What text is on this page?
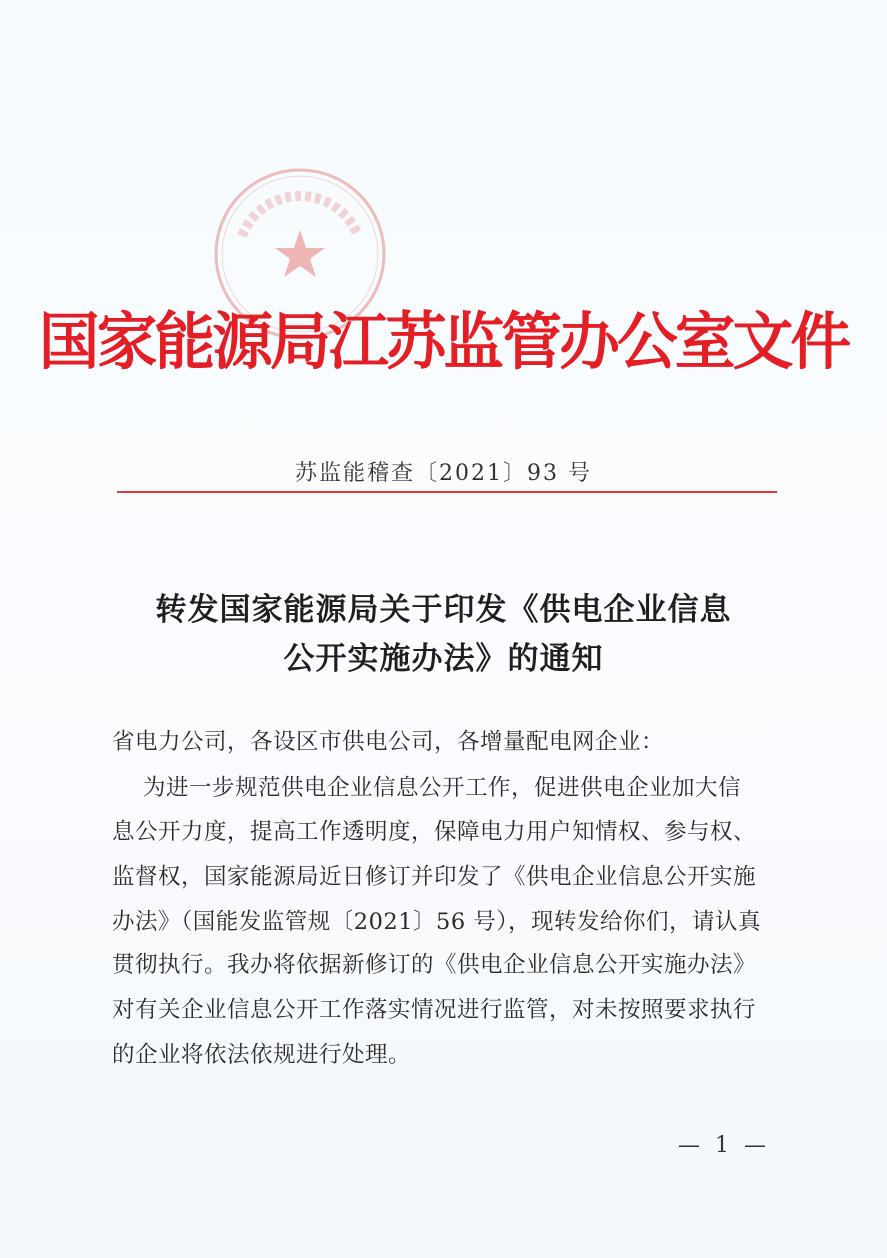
国家能源局江苏监管办公室文件
苏监能稽查〔2021〕93 号
转发国家能源局关于印发《供电企业信息
公开实施办法》的通知
省电力公司，各设区市供电公司，各增量配电网企业：
为进一步规范供电企业信息公开工作，促进供电企业加大信
息公开力度，提高工作透明度，保障电力用户知情权、参与权、
监督权，国家能源局近日修订并印发了《供电企业信息公开实施
办法》（国能发监管规〔2021〕56 号），现转发给你们，请认真
贯彻执行。我办将依据新修订的《供电企业信息公开实施办法》
对有关企业信息公开工作落实情况进行监管，对未按照要求执行
的企业将依法依规进行处理。
— 1 —
